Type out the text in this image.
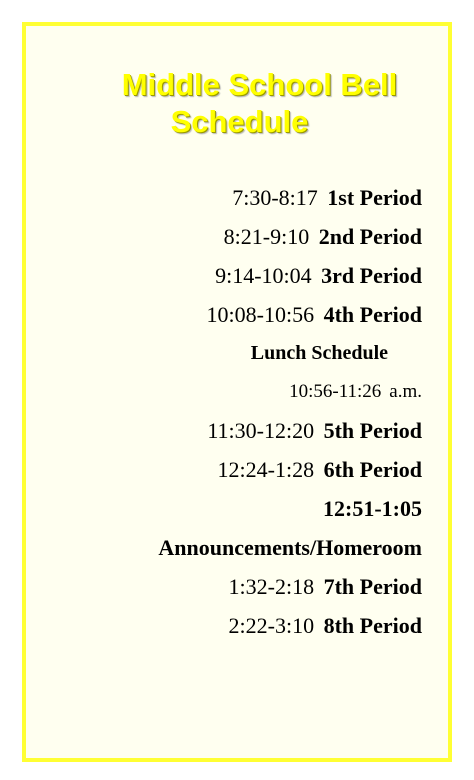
Middle School Bell
Schedule
7:30-8:17 1st Period
8:21-9:10 2nd Period
9:14-10:04 3rd Period
10:08-10:56 4th Period
Lunch Schedule
10:56-11:26 a.m.
11:30-12:20 5th Period
12:24-1:28 6th Period
12:51-1:05
Announcements/Homeroom
1:32-2:18 7th Period
2:22-3:10 8th Period
